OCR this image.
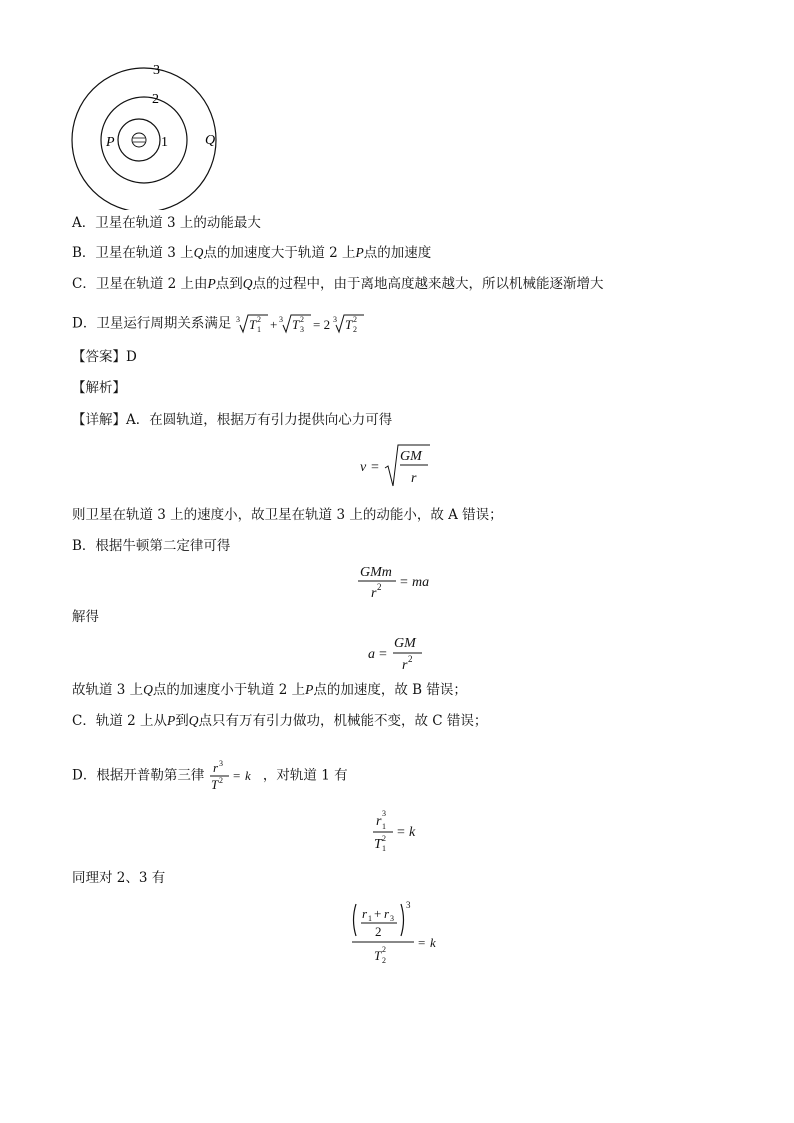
3
2
1
P	Q
A．卫星在轨道 3 上的动能最大
B．卫星在轨道 3 上Q点的加速度大于轨道 2 上P点的加速度
C．卫星在轨道 2 上由P点到Q点的过程中，由于离地高度越来越大，所以机械能逐渐增大
D．卫星运行周期关系满足 3 T 1
2 + 3 T 3
2 = 2 3 T 2
2
【答案】D
【解析】
【详解】A．在圆轨道，根据万有引力提供向心力可得
v =
GM
r
则卫星在轨道 3 上的速度小，故卫星在轨道 3 上的动能小，故 A 错误；
B．根据牛顿第二定律可得
GMm
r 2 = ma
解得
a =
GM
r 2
故轨道 3 上Q点的加速度小于轨道 2 上P点的加速度，故 B 错误；
C．轨道 2 上从P到Q点只有万有引力做功，机械能不变，故 C 错误；
D．根据开普勒第三律 r 3
T 2 = k ，对轨道 1 有
r 1
3
T 1
2 = k
同理对 2、3 有
r 1 + r 3
2
3
T 2
2 = k
